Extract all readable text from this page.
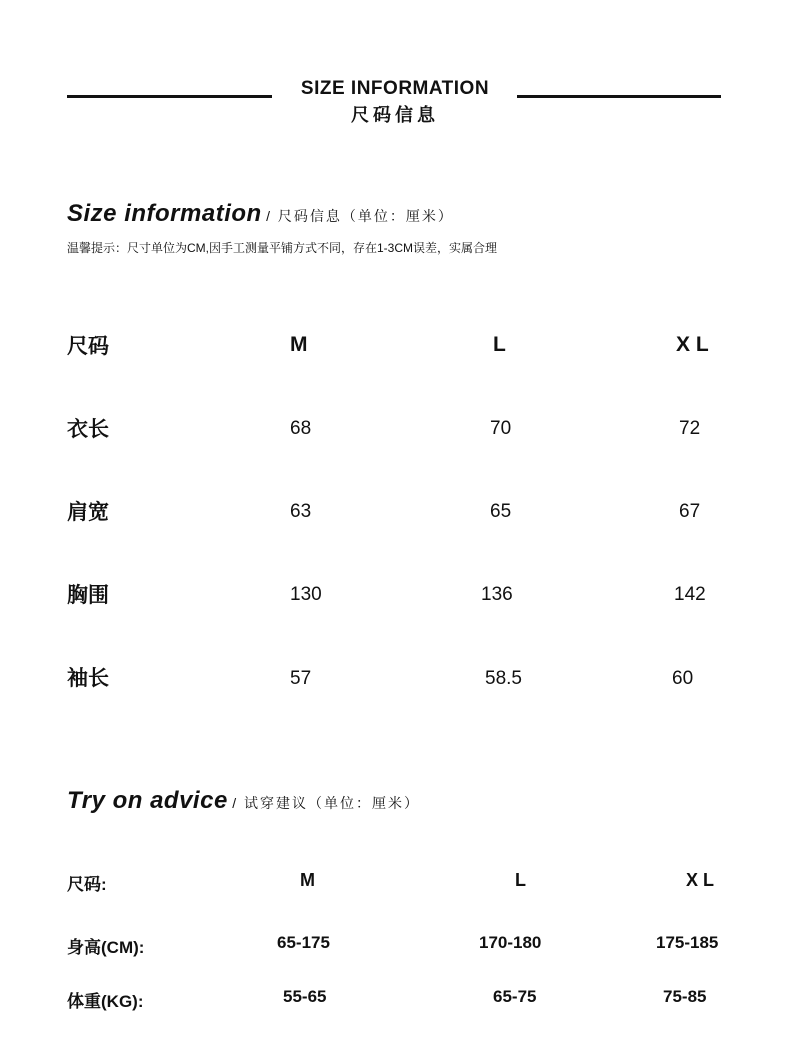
SIZE INFORMATION
尺码信息
Size information / 尺码信息（单位：厘米）
温馨提示：尺寸单位为CM,因手工测量平铺方式不同，存在1-3CM误差，实属合理
尺码	M	L	X L
衣长	68	70	72
肩宽	63	65	67
胸围	130	136	142
袖长	57	58.5	60
Try on advice / 试穿建议（单位：厘米）
尺码:	M	L	X L
身高(CM):	65-175	170-180	175-185
体重(KG):	55-65	65-75	75-85
